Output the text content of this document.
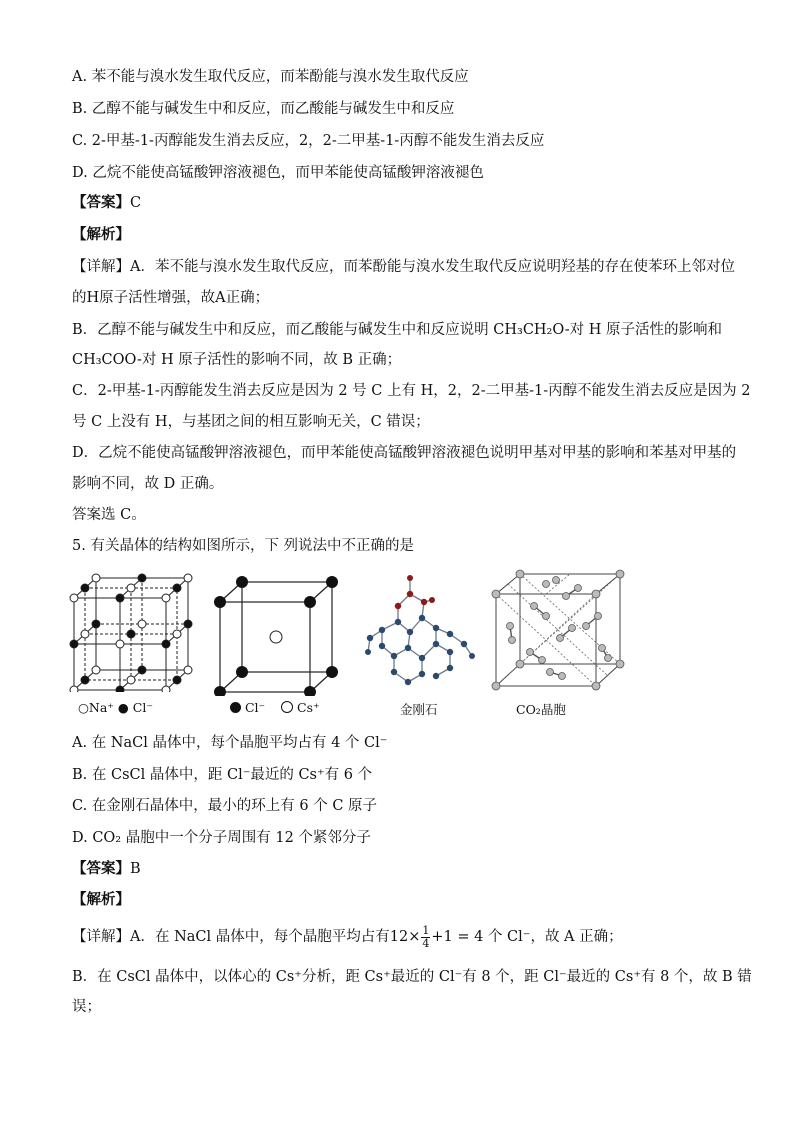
A. 苯不能与溴水发生取代反应，而苯酚能与溴水发生取代反应
B. 乙醇不能与碱发生中和反应，而乙酸能与碱发生中和反应
C. 2-甲基-1-丙醇能发生消去反应，2，2-二甲基-1-丙醇不能发生消去反应
D. 乙烷不能使高锰酸钾溶液褪色，而甲苯能使高锰酸钾溶液褪色
【答案】C
【解析】
【详解】A．苯不能与溴水发生取代反应，而苯酚能与溴水发生取代反应说明羟基的存在使苯环上邻对位
的H原子活性增强，故A正确；
B．乙醇不能与碱发生中和反应，而乙酸能与碱发生中和反应说明 CH₃CH₂O-对 H 原子活性的影响和
CH₃COO-对 H 原子活性的影响不同，故 B 正确；
C．2-甲基-1-丙醇能发生消去反应是因为 2 号 C 上有 H，2，2-二甲基-1-丙醇不能发生消去反应是因为 2
号 C 上没有 H，与基团之间的相互影响无关，C 错误；
D．乙烷不能使高锰酸钾溶液褪色，而甲苯能使高锰酸钾溶液褪色说明甲基对甲基的影响和苯基对甲基的
影响不同，故 D 正确。
答案选 C。
5. 有关晶体的结构如图所示，下 列说法中不正确的是
○Na⁺ ● Cl⁻	Cl⁻	Cs⁺	金刚石	CO₂晶胞
A. 在 NaCl 晶体中，每个晶胞平均占有 4 个 Cl⁻
B. 在 CsCl 晶体中，距 Cl⁻最近的 Cs⁺有 6 个
C. 在金刚石晶体中，最小的环上有 6 个 C 原子
D. CO₂ 晶胞中一个分子周围有 12 个紧邻分子
【答案】B
【解析】
【详解】A．在 NaCl 晶体中，每个晶胞平均占有$12\times \frac{1}{4} +1 = 4$ 个 Cl⁻，故 A 正确；
B．在 CsCl 晶体中，以体心的 Cs⁺分析，距 Cs⁺最近的 Cl⁻有 8 个，距 Cl⁻最近的 Cs⁺有 8 个，故 B 错
误；
